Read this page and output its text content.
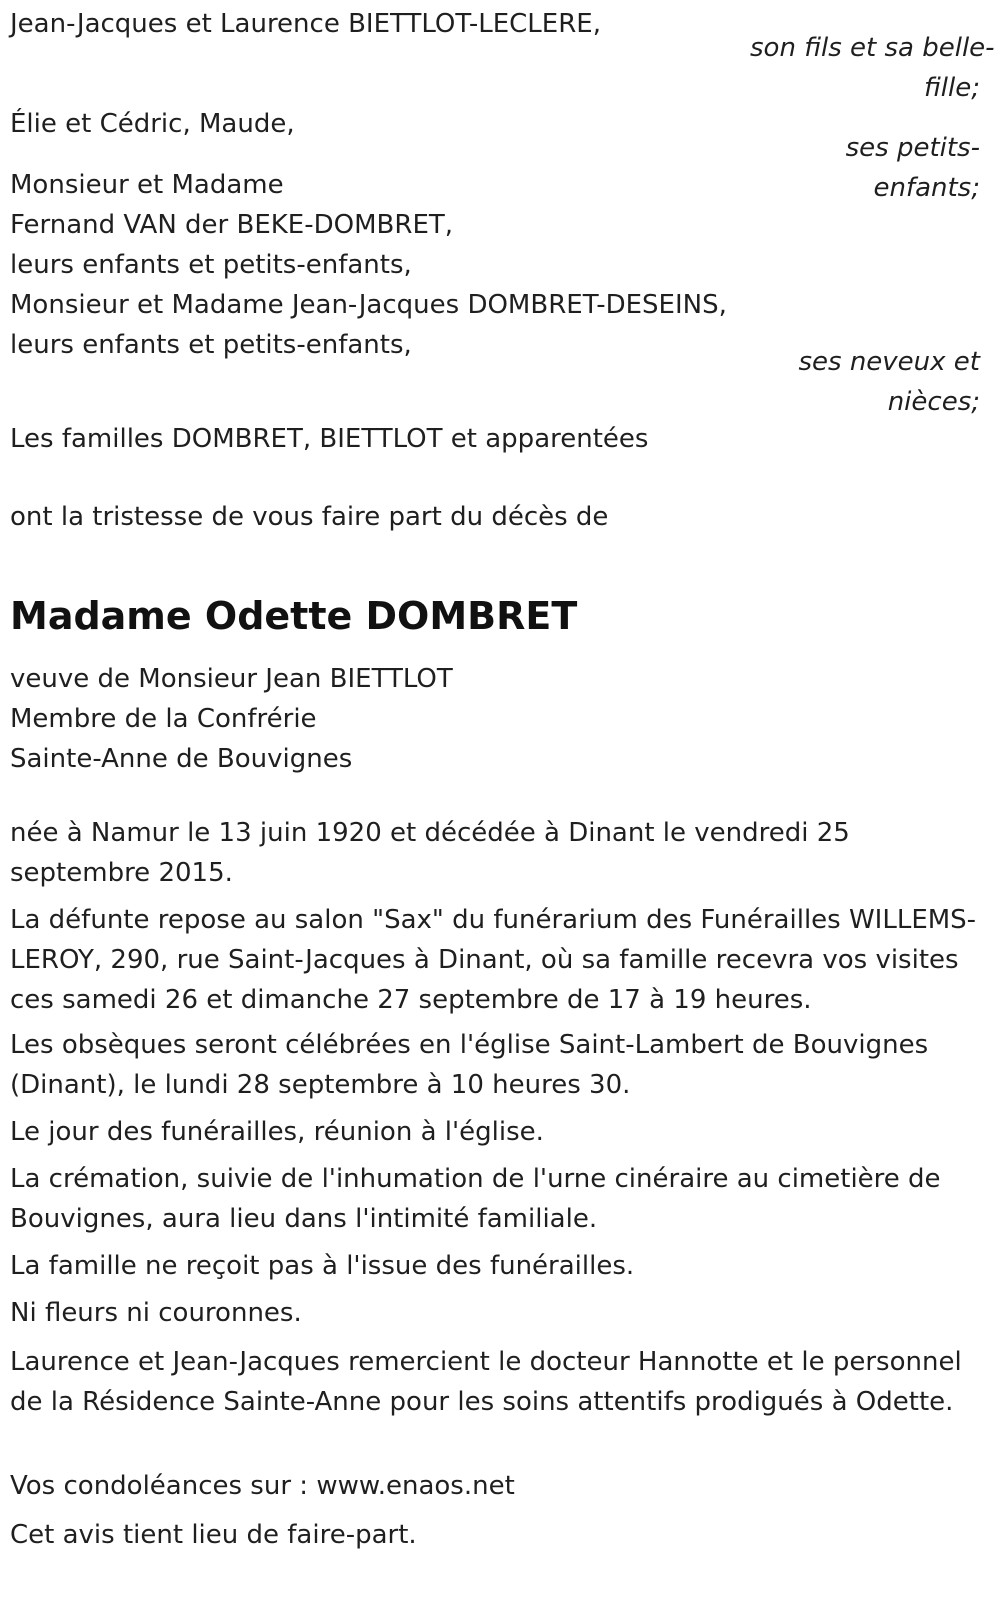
Jean-Jacques et Laurence BIETTLOT-LECLERE,
son fils et sa belle-
fille;
Élie et Cédric, Maude,
ses petits-enfants;
Monsieur et Madame
Fernand VAN der BEKE-DOMBRET,
leurs enfants et petits-enfants,
Monsieur et Madame Jean-Jacques DOMBRET-DESEINS,
leurs enfants et petits-enfants,
ses neveux et
nièces;
Les familles DOMBRET, BIETTLOT et apparentées
ont la tristesse de vous faire part du décès de
Madame Odette DOMBRET
veuve de Monsieur Jean BIETTLOT
Membre de la Confrérie
Sainte-Anne de Bouvignes
née à Namur le 13 juin 1920 et décédée à Dinant le vendredi 25 septembre 2015.
La défunte repose au salon "Sax" du funérarium des Funérailles WILLEMS-LEROY, 290, rue Saint-Jacques à Dinant, où sa famille recevra vos visites ces samedi 26 et dimanche 27 septembre de 17 à 19 heures.
Les obsèques seront célébrées en l'église Saint-Lambert de Bouvignes (Dinant), le lundi 28 septembre à 10 heures 30.
Le jour des funérailles, réunion à l'église.
La crémation, suivie de l'inhumation de l'urne cinéraire au cimetière de Bouvignes, aura lieu dans l'intimité familiale.
La famille ne reçoit pas à l'issue des funérailles.
Ni fleurs ni couronnes.
Laurence et Jean-Jacques remercient le docteur Hannotte et le personnel de la Résidence Sainte-Anne pour les soins attentifs prodigués à Odette.
Vos condoléances sur : www.enaos.net
Cet avis tient lieu de faire-part.
